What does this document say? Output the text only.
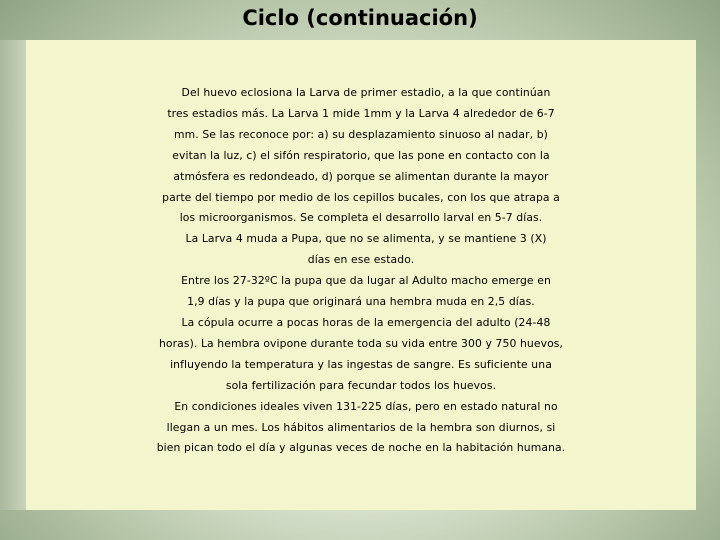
Ciclo (continuación)
Del huevo eclosiona la Larva de primer estadio, a la que continúan
tres estadios más. La Larva 1 mide 1mm y la Larva 4 alrededor de 6-7
mm. Se las reconoce por: a) su desplazamiento sinuoso al nadar, b)
evitan la luz, c) el sifón respiratorio, que las pone en contacto con la
atmósfera es redondeado, d) porque se alimentan durante la mayor
parte del tiempo por medio de los cepillos bucales, con los que atrapa a
los microorganismos. Se completa el desarrollo larval en 5-7 días.
La Larva 4 muda a Pupa, que no se alimenta, y se mantiene 3 (X)
días en ese estado.
Entre los 27-32ºC la pupa que da lugar al Adulto macho emerge en
1,9 días y la pupa que originará una hembra muda en 2,5 días.
La cópula ocurre a pocas horas de la emergencia del adulto (24-48
horas). La hembra ovipone durante toda su vida entre 300 y 750 huevos,
influyendo la temperatura y las ingestas de sangre. Es suficiente una
sola fertilización para fecundar todos los huevos.
En condiciones ideales viven 131-225 días, pero en estado natural no
llegan a un mes. Los hábitos alimentarios de la hembra son diurnos, si
bien pican todo el día y algunas veces de noche en la habitación humana.
